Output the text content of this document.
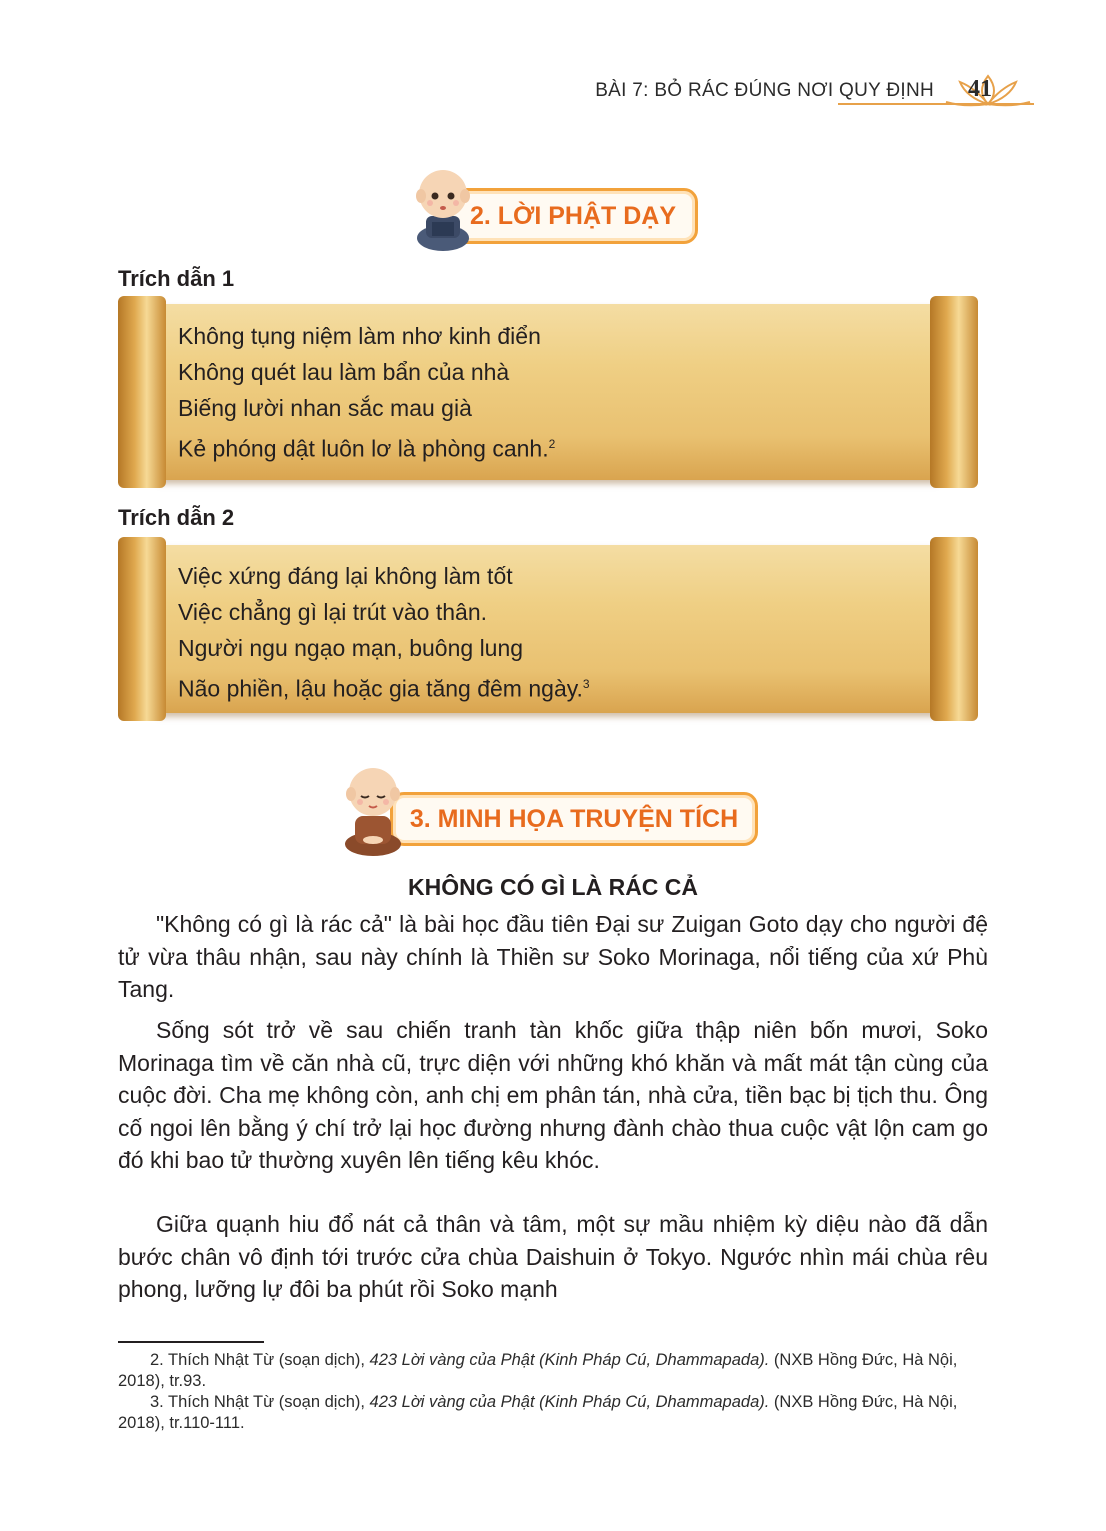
BÀI 7: BỎ RÁC ĐÚNG NƠI QUY ĐỊNH 41
2. LỜI PHẬT DẠY
Trích dẫn 1
Không tụng niệm làm nhơ kinh điển
Không quét lau làm bẩn của nhà
Biếng lười nhan sắc mau già
Kẻ phóng dật luôn lơ là phòng canh.$^2$
Trích dẫn 2
Việc xứng đáng lại không làm tốt
Việc chẳng gì lại trút vào thân.
Người ngu ngạo mạn, buông lung
Não phiền, lậu hoặc gia tăng đêm ngày.$^3$
3. MINH HỌA TRUYỆN TÍCH
KHÔNG CÓ GÌ LÀ RÁC CẢ
"Không có gì là rác cả" là bài học đầu tiên Đại sư Zuigan Goto dạy cho người đệ tử vừa thâu nhận, sau này chính là Thiền sư Soko Morinaga, nổi tiếng của xứ Phù Tang.
Sống sót trở về sau chiến tranh tàn khốc giữa thập niên bốn mươi, Soko Morinaga tìm về căn nhà cũ, trực diện với những khó khăn và mất mát tận cùng của cuộc đời. Cha mẹ không còn, anh chị em phân tán, nhà cửa, tiền bạc bị tịch thu. Ông cố ngoi lên bằng ý chí trở lại học đường nhưng đành chào thua cuộc vật lộn cam go đó khi bao tử thường xuyên lên tiếng kêu khóc.
Giữa quạnh hiu đổ nát cả thân và tâm, một sự mầu nhiệm kỳ diệu nào đã dẫn bước chân vô định tới trước cửa chùa Daishuin ở Tokyo. Ngước nhìn mái chùa rêu phong, lưỡng lự đôi ba phút rồi Soko mạnh
2. Thích Nhật Từ (soạn dịch), 423 Lời vàng của Phật (Kinh Pháp Cú, Dhammapada). (NXB Hồng Đức, Hà Nội, 2018), tr.93.
3. Thích Nhật Từ (soạn dịch), 423 Lời vàng của Phật (Kinh Pháp Cú, Dhammapada). (NXB Hồng Đức, Hà Nội, 2018), tr.110-111.
